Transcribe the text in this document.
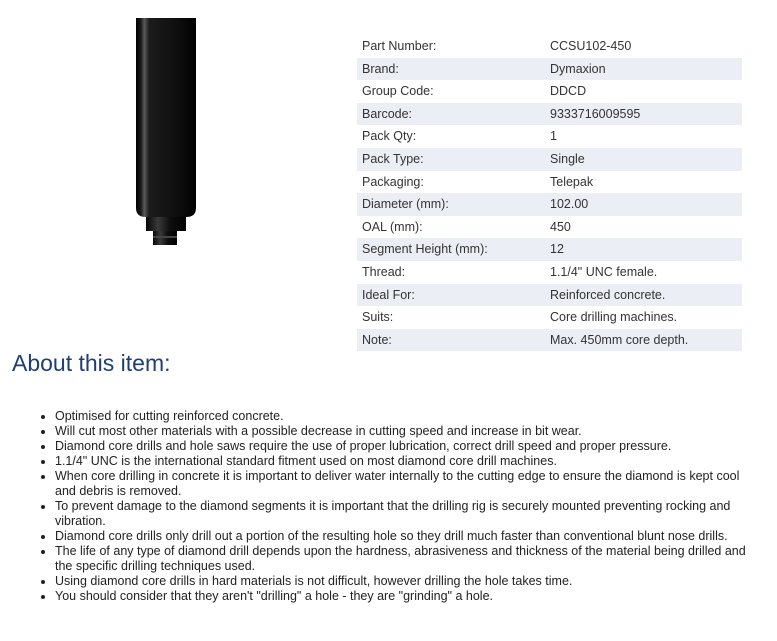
Part Number:	CCSU102-450
Brand:	Dymaxion
Group Code:	DDCD
Barcode:	9333716009595
Pack Qty:	1
Pack Type:	Single
Packaging:	Telepak
Diameter (mm):	102.00
OAL (mm):	450
Segment Height (mm):	12
Thread:	1.1/4" UNC female.
Ideal For:	Reinforced concrete.
Suits:	Core drilling machines.
Note:	Max. 450mm core depth.
About this item:
• Optimised for cutting reinforced concrete.
• Will cut most other materials with a possible decrease in cutting speed and increase in bit wear.
• Diamond core drills and hole saws require the use of proper lubrication, correct drill speed and proper pressure.
• 1.1/4" UNC is the international standard fitment used on most diamond core drill machines.
• When core drilling in concrete it is important to deliver water internally to the cutting edge to ensure the diamond is kept cool and debris is removed.
• To prevent damage to the diamond segments it is important that the drilling rig is securely mounted preventing rocking and vibration.
• Diamond core drills only drill out a portion of the resulting hole so they drill much faster than conventional blunt nose drills.
• The life of any type of diamond drill depends upon the hardness, abrasiveness and thickness of the material being drilled and the specific drilling techniques used.
• Using diamond core drills in hard materials is not difficult, however drilling the hole takes time.
• You should consider that they aren't "drilling" a hole - they are "grinding" a hole.
